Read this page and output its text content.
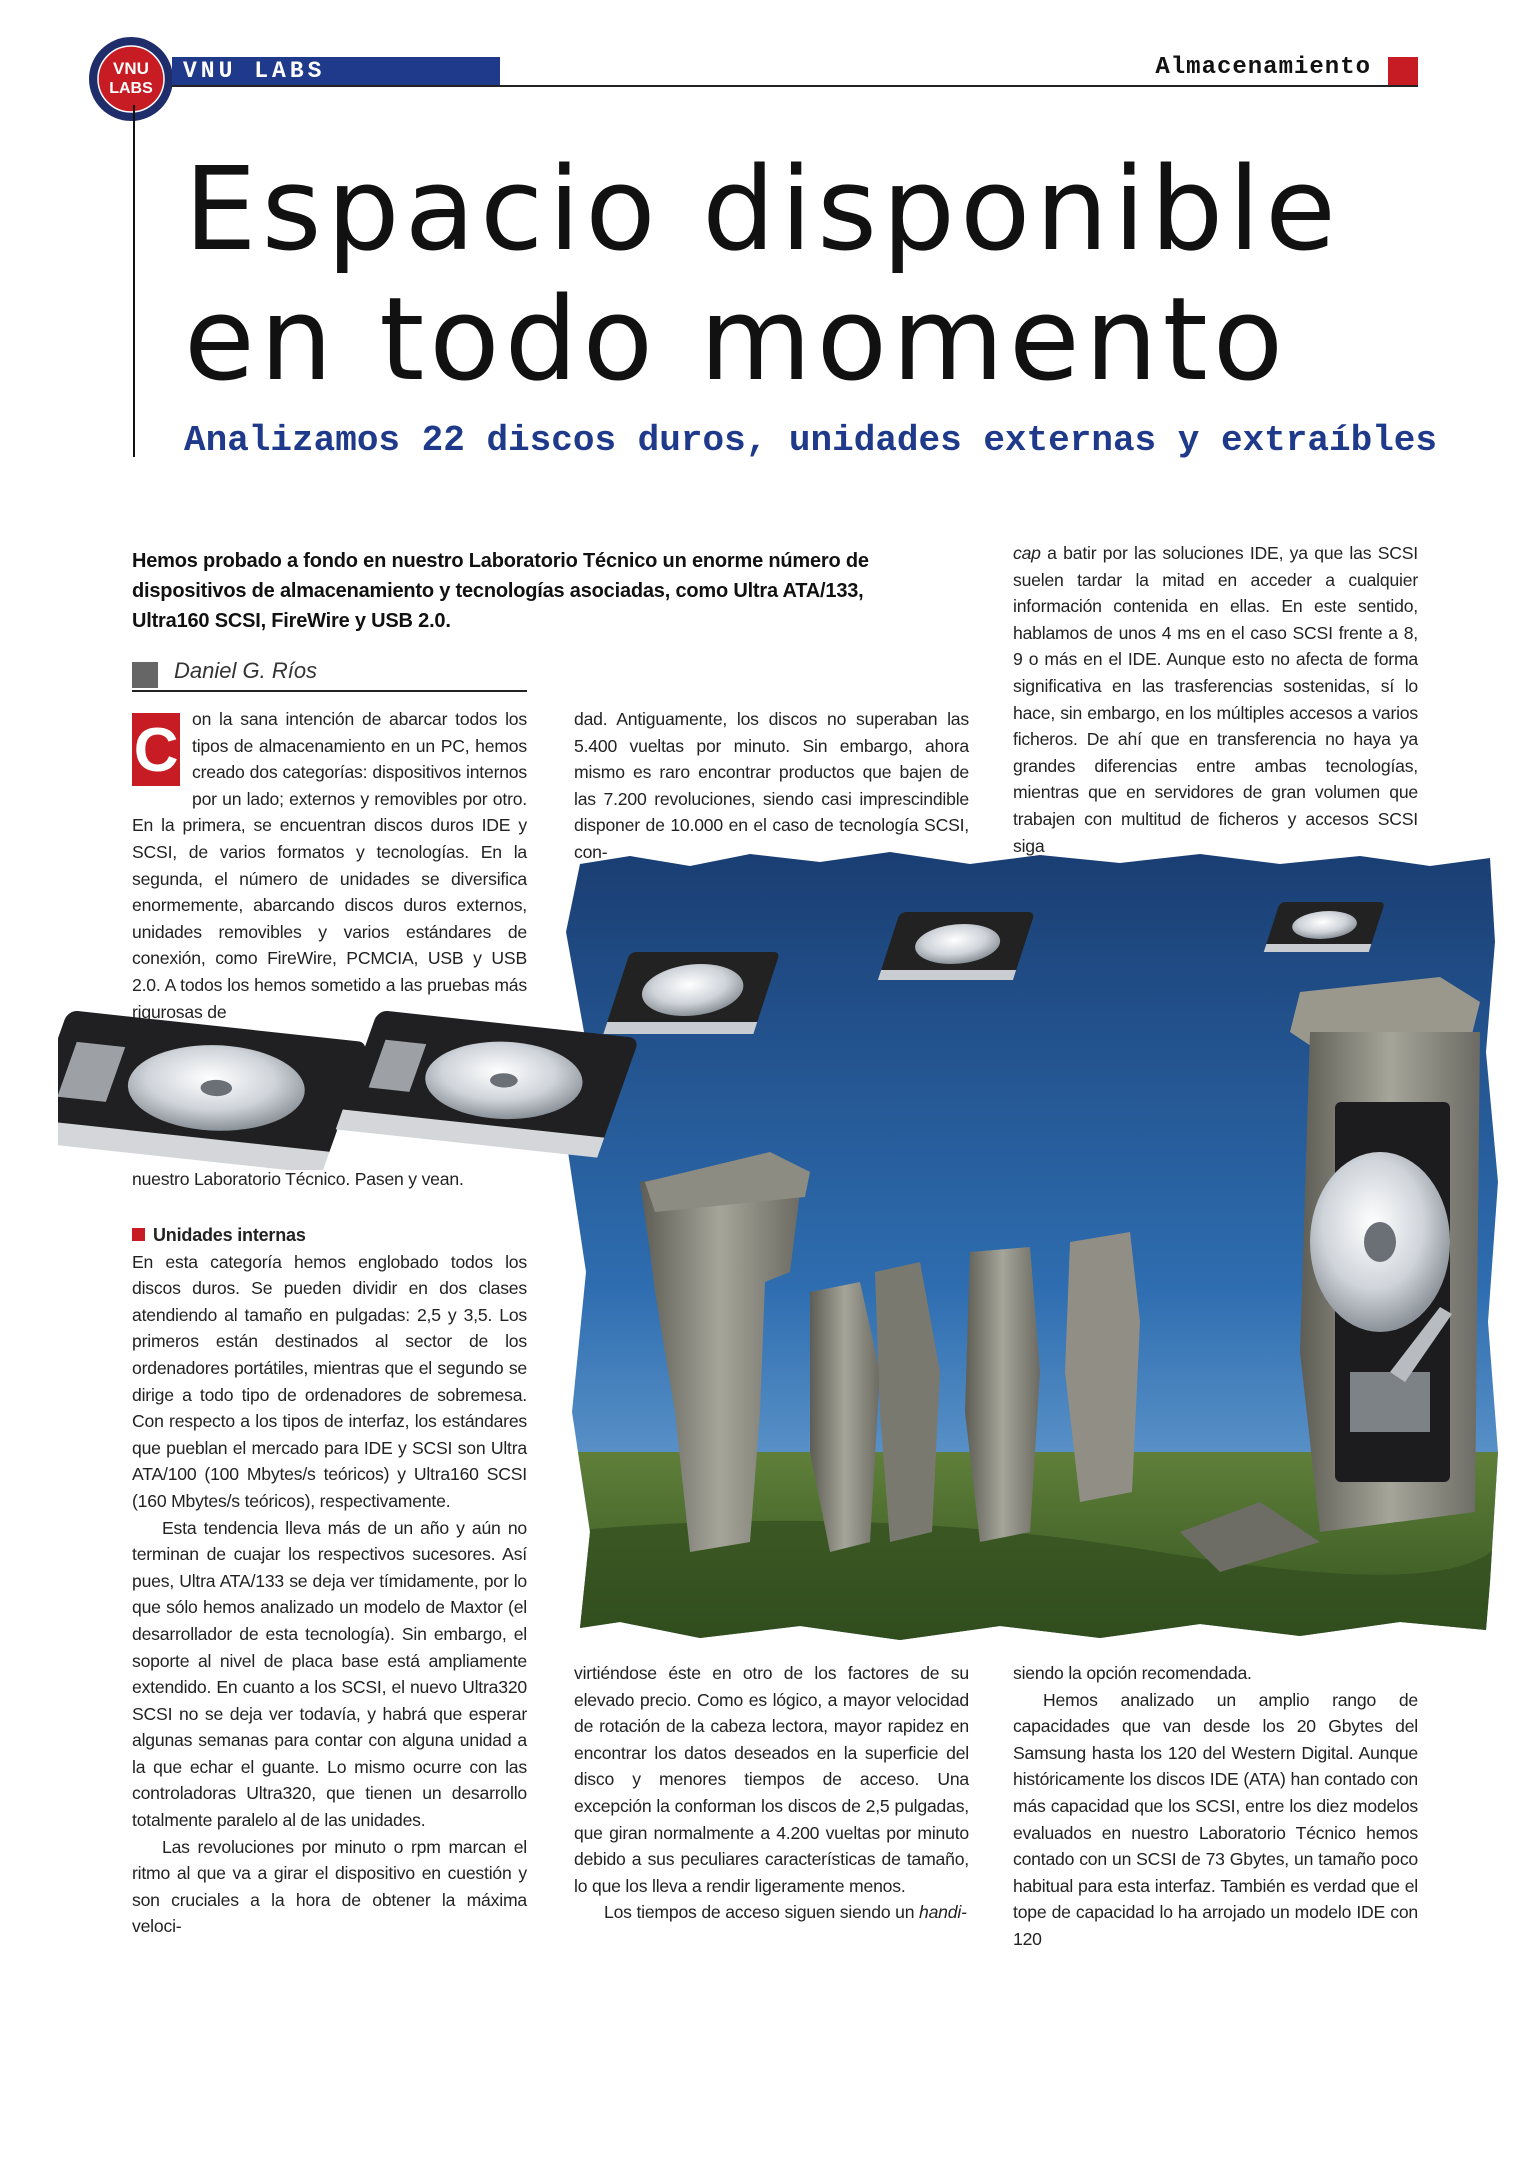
VNU
LABS
VNU LABS	Almacenamiento
Espacio disponible en todo momento
Analizamos 22 discos duros, unidades externas y extraíbles

Hemos probado a fondo en nuestro Laboratorio Técnico un enorme número de dispositivos de almacenamiento y tecnologías asociadas, como Ultra ATA/133, Ultra160 SCSI, FireWire y USB 2.0.

Daniel G. Ríos

C on la sana intención de abarcar todos los tipos de almacenamiento en un PC, hemos creado dos categorías: dispositivos internos por un lado; externos y removibles por otro. En la primera, se encuentran discos duros IDE y SCSI, de varios formatos y tecnologías. En la segunda, el número de unidades se diversifica enormemente, abarcando discos duros externos, unidades removibles y varios estándares de conexión, como FireWire, PCMCIA, USB y USB 2.0. A todos los hemos sometido a las pruebas más rigurosas de

nuestro Laboratorio Técnico. Pasen y vean.

Unidades internas

En esta categoría hemos englobado todos los discos duros. Se pueden dividir en dos clases atendiendo al tamaño en pulgadas: 2,5 y 3,5. Los primeros están destinados al sector de los ordenadores portátiles, mientras que el segundo se dirige a todo tipo de ordenadores de sobremesa. Con respecto a los tipos de interfaz, los estándares que pueblan el mercado para IDE y SCSI son Ultra ATA/100 (100 Mbytes/s teóricos) y Ultra160 SCSI (160 Mbytes/s teóricos), respectivamente.

Esta tendencia lleva más de un año y aún no terminan de cuajar los respectivos sucesores. Así pues, Ultra ATA/133 se deja ver tímidamente, por lo que sólo hemos analizado un modelo de Maxtor (el desarrollador de esta tecnología). Sin embargo, el soporte al nivel de placa base está ampliamente extendido. En cuanto a los SCSI, el nuevo Ultra320 SCSI no se deja ver todavía, y habrá que esperar algunas semanas para contar con alguna unidad a la que echar el guante. Lo mismo ocurre con las controladoras Ultra320, que tienen un desarrollo totalmente paralelo al de las unidades.

Las revoluciones por minuto o rpm marcan el ritmo al que va a girar el dispositivo en cuestión y son cruciales a la hora de obtener la máxima veloci-

dad. Antiguamente, los discos no superaban las 5.400 vueltas por minuto. Sin embargo, ahora mismo es raro encontrar productos que bajen de las 7.200 revoluciones, siendo casi imprescindible disponer de 10.000 en el caso de tecnología SCSI, con-

virtiéndose éste en otro de los factores de su elevado precio. Como es lógico, a mayor velocidad de rotación de la cabeza lectora, mayor rapidez en encontrar los datos deseados en la superficie del disco y menores tiempos de acceso. Una excepción la conforman los discos de 2,5 pulgadas, que giran normalmente a 4.200 vueltas por minuto debido a sus peculiares características de tamaño, lo que los lleva a rendir ligeramente menos.

Los tiempos de acceso siguen siendo un handi-

cap a batir por las soluciones IDE, ya que las SCSI suelen tardar la mitad en acceder a cualquier información contenida en ellas. En este sentido, hablamos de unos 4 ms en el caso SCSI frente a 8, 9 o más en el IDE. Aunque esto no afecta de forma significativa en las trasferencias sostenidas, sí lo hace, sin embargo, en los múltiples accesos a varios ficheros. De ahí que en transferencia no haya ya grandes diferencias entre ambas tecnologías, mientras que en servidores de gran volumen que trabajen con multitud de ficheros y accesos SCSI siga

siendo la opción recomendada.

Hemos analizado un amplio rango de capacidades que van desde los 20 Gbytes del Samsung hasta los 120 del Western Digital. Aunque históricamente los discos IDE (ATA) han contado con más capacidad que los SCSI, entre los diez modelos evaluados en nuestro Laboratorio Técnico hemos contado con un SCSI de 73 Gbytes, un tamaño poco habitual para esta interfaz. También es verdad que el tope de capacidad lo ha arrojado un modelo IDE con 120
